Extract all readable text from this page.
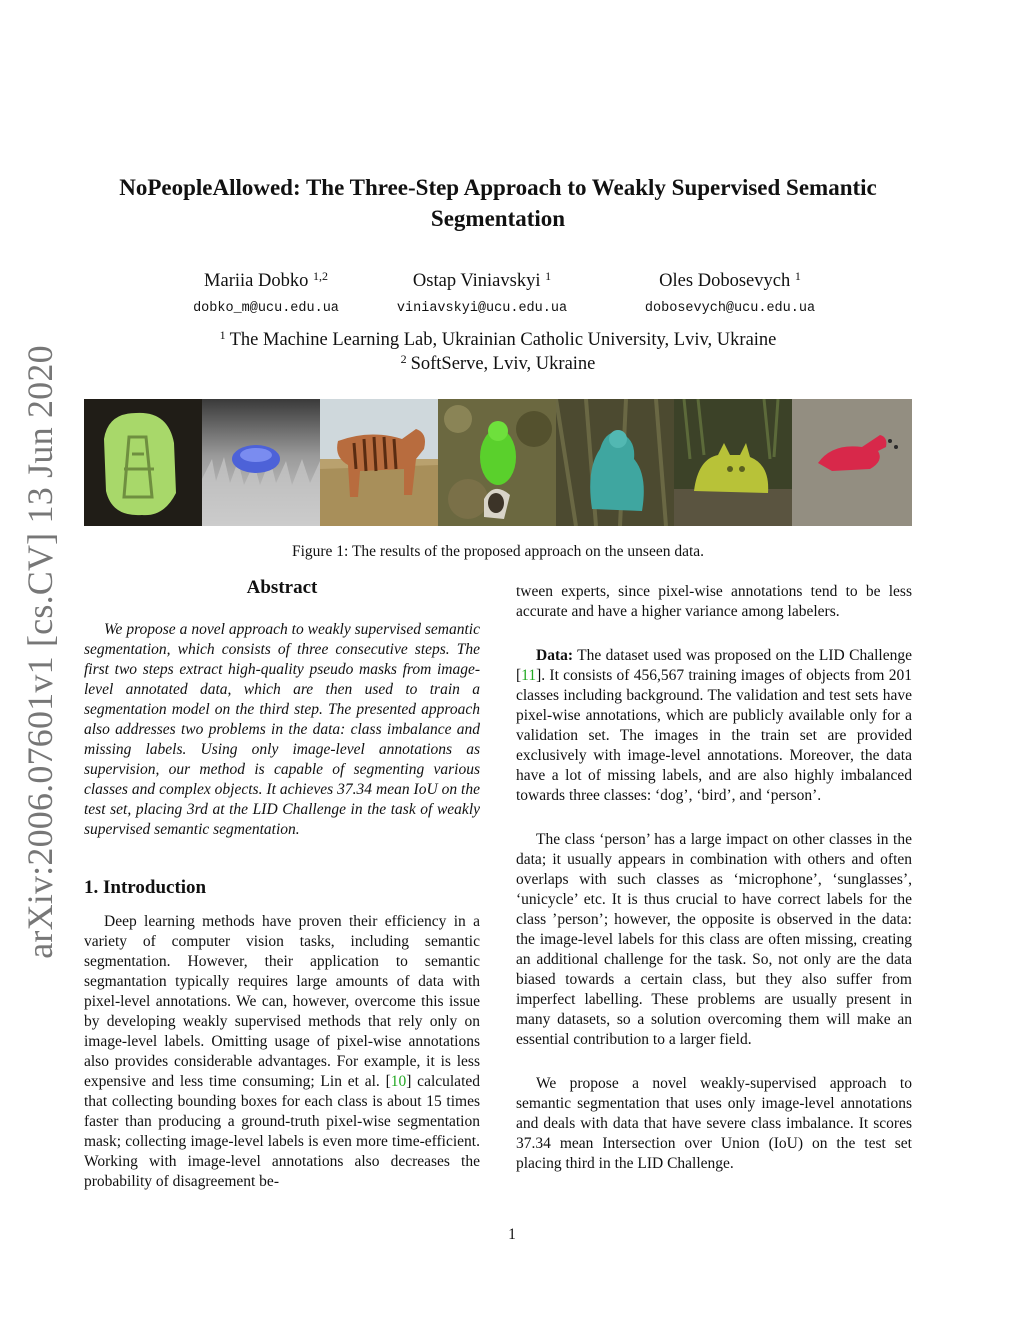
arXiv:2006.07601v1 [cs.CV] 13 Jun 2020
NoPeopleAllowed: The Three-Step Approach to Weakly Supervised Semantic
Segmentation
Mariia Dobko $^{1,2}$
dobko_m@ucu.edu.ua
Ostap Viniavskyi $^1$
viniavskyi@ucu.edu.ua
Oles Dobosevych $^1$
dobosevych@ucu.edu.ua
$^1$ The Machine Learning Lab, Ukrainian Catholic University, Lviv, Ukraine
$^2$ SoftServe, Lviv, Ukraine
Figure 1: The results of the proposed approach on the unseen data.
Abstract

We propose a novel approach to weakly supervised semantic segmentation, which consists of three consecutive steps. The first two steps extract high-quality pseudo masks from image-level annotated data, which are then used to train a segmentation model on the third step. The presented approach also addresses two problems in the data: class imbalance and missing labels. Using only image-level annotations as supervision, our method is capable of segmenting various classes and complex objects. It achieves 37.34 mean IoU on the test set, placing 3rd at the LID Challenge in the task of weakly supervised semantic segmentation.

1. Introduction

Deep learning methods have proven their efficiency in a variety of computer vision tasks, including semantic segmentation. However, their application to semantic segmantation typically requires large amounts of data with pixel-level annotations. We can, however, overcome this issue by developing weakly supervised methods that rely only on image-level labels. Omitting usage of pixel-wise annotations also provides considerable advantages. For example, it is less expensive and less time consuming; Lin et al. [10] calculated that collecting bounding boxes for each class is about 15 times faster than producing a ground-truth pixel-wise segmentation mask; collecting image-level labels is even more time-efficient. Working with image-level annotations also decreases the probability of disagreement be-

tween experts, since pixel-wise annotations tend to be less accurate and have a higher variance among labelers.

Data: The dataset used was proposed on the LID Challenge [11]. It consists of 456,567 training images of objects from 201 classes including background. The validation and test sets have pixel-wise annotations, which are publicly available only for a validation set. The images in the train set are provided exclusively with image-level annotations. Moreover, the data have a lot of missing labels, and are also highly imbalanced towards three classes: ‘dog’, ‘bird’, and ‘person’.

The class ‘person’ has a large impact on other classes in the data; it usually appears in combination with others and often overlaps with such classes as ‘microphone’, ‘sunglasses’, ‘unicycle’ etc. It is thus crucial to have correct labels for the class ’person’; however, the opposite is observed in the data: the image-level labels for this class are often missing, creating an additional challenge for the task. So, not only are the data biased towards a certain class, but they also suffer from imperfect labelling. These problems are usually present in many datasets, so a solution overcoming them will make an essential contribution to a larger field.

We propose a novel weakly-supervised approach to semantic segmentation that uses only image-level annotations and deals with data that have severe class imbalance. It scores 37.34 mean Intersection over Union (IoU) on the test set placing third in the LID Challenge.

1
